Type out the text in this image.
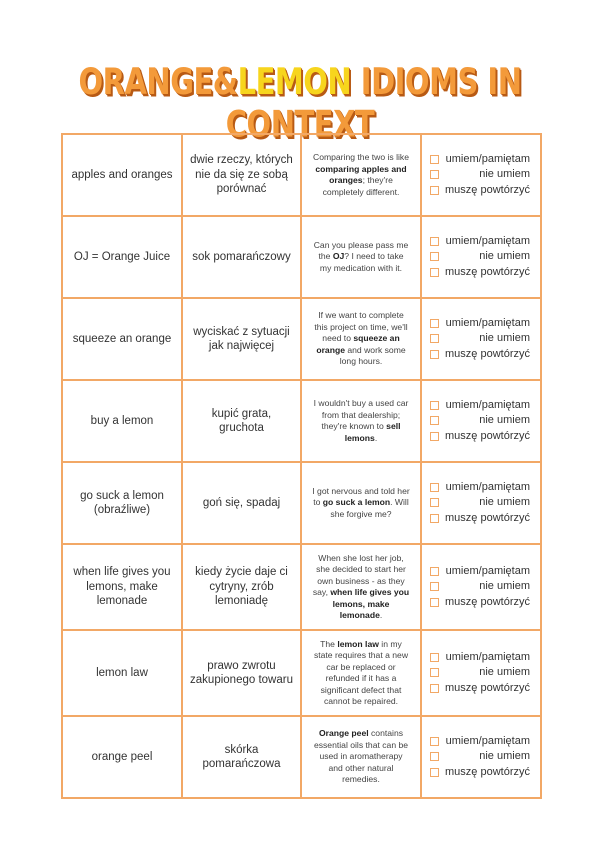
ORANGE&LEMON IDIOMS IN CONTEXT
apples and oranges	dwie rzeczy, których nie da się ze sobą porównać	Comparing the two is like comparing apples and oranges; they're completely different.	umiem/pamiętam
nie umiem
muszę powtórzyć

OJ = Orange Juice	sok pomarańczowy	Can you please pass me the OJ? I need to take my medication with it.	umiem/pamiętam
nie umiem
muszę powtórzyć

squeeze an orange	wyciskać z sytuacji jak najwięcej	If we want to complete this project on time, we'll need to squeeze an orange and work some long hours.	umiem/pamiętam
nie umiem
muszę powtórzyć

buy a lemon	kupić grata, gruchota	I wouldn't buy a used car from that dealership; they're known to sell lemons.	umiem/pamiętam
nie umiem
muszę powtórzyć

go suck a lemon (obraźliwe)	goń się, spadaj	I got nervous and told her to go suck a lemon. Will she forgive me?	umiem/pamiętam
nie umiem
muszę powtórzyć

when life gives you lemons, make lemonade	kiedy życie daje ci cytryny, zrób lemoniadę	When she lost her job, she decided to start her own business - as they say, when life gives you lemons, make lemonade.	umiem/pamiętam
nie umiem
muszę powtórzyć

lemon law	prawo zwrotu zakupionego towaru	The lemon law in my state requires that a new car be replaced or refunded if it has a significant defect that cannot be repaired.	umiem/pamiętam
nie umiem
muszę powtórzyć

orange peel	skórka pomarańczowa	Orange peel contains essential oils that can be used in aromatherapy and other natural remedies.	umiem/pamiętam
nie umiem
muszę powtórzyć
